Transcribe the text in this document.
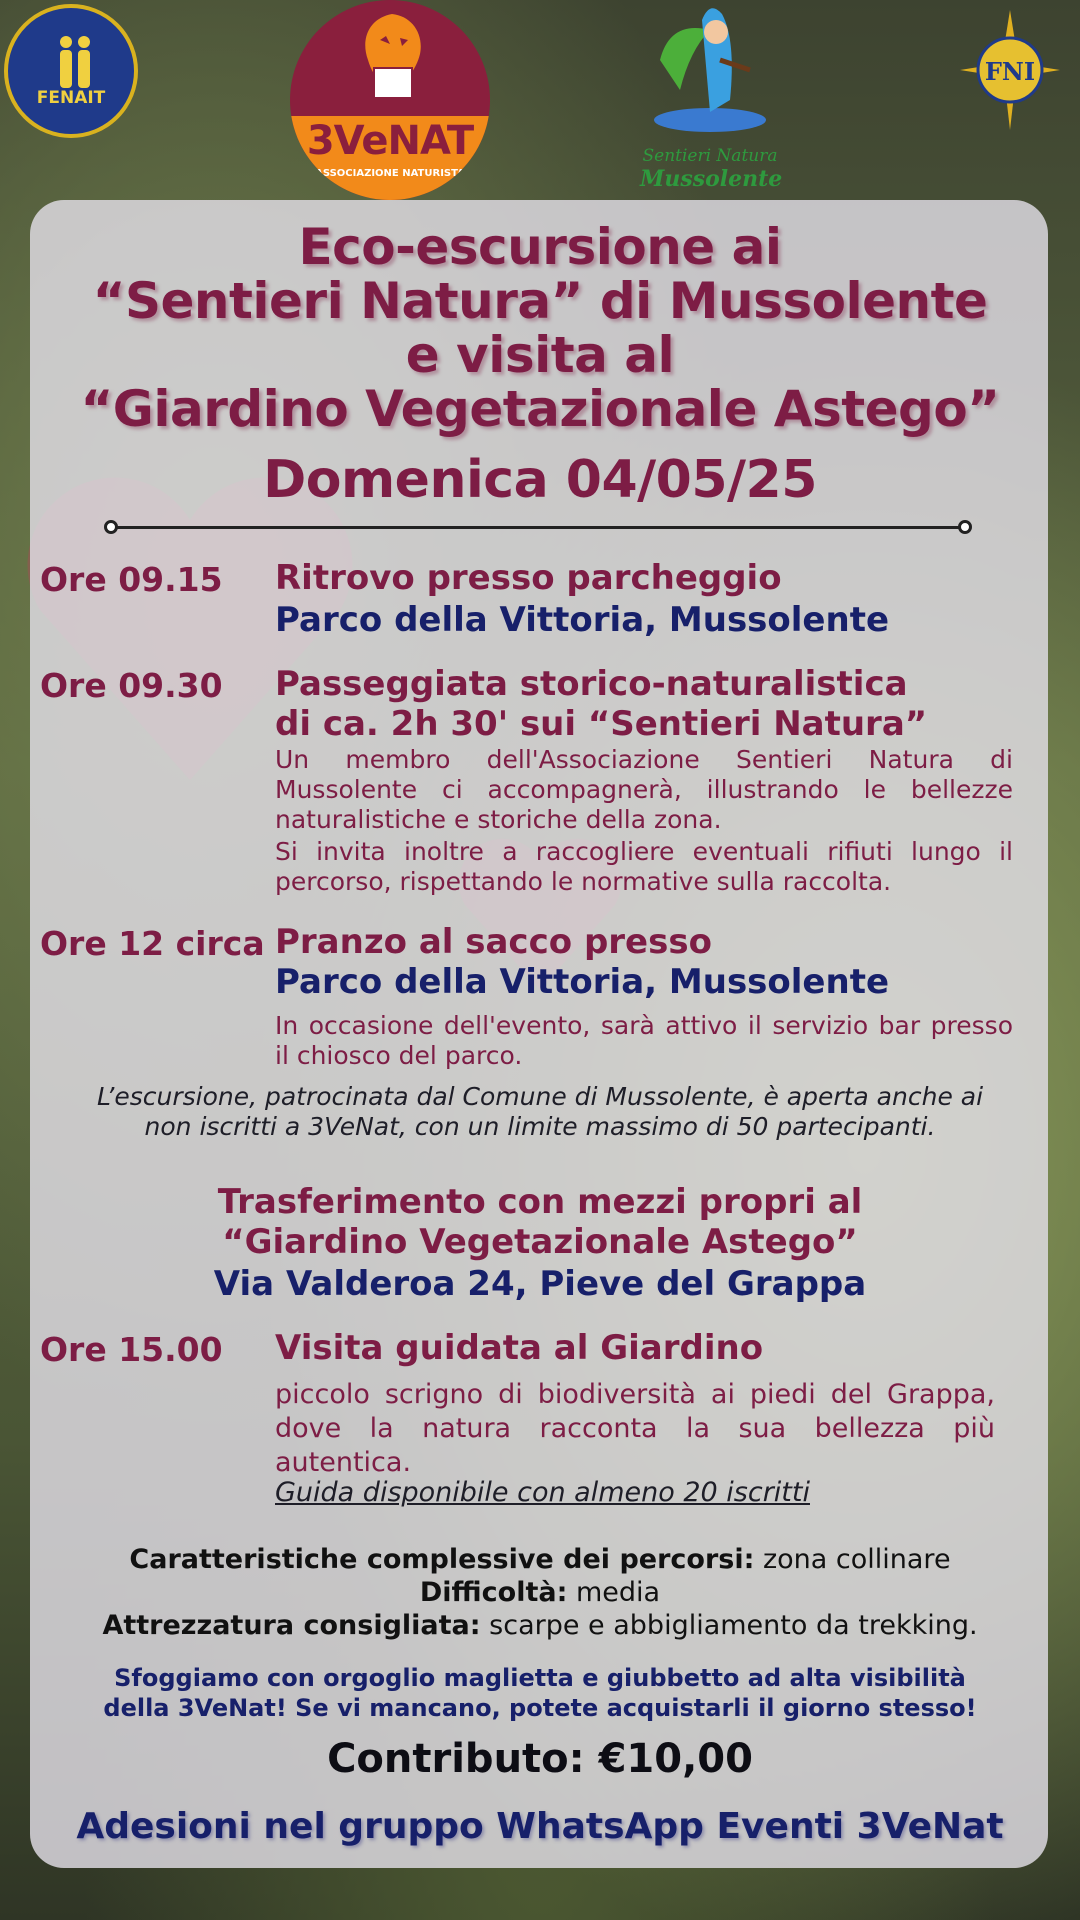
FENAIT
3VeNAT
ASSOCIAZIONE NATURISTA
Sentieri Natura
Mussolente
FNI
Eco-escursione ai
“Sentieri Natura” di Mussolente
e visita al
“Giardino Vegetazionale Astego”
Domenica 04/05/25
Ore 09.15 Ritrovo presso parcheggio
Parco della Vittoria, Mussolente
Ore 09.30 Passeggiata storico-naturalistica
di ca. 2h 30' sui “Sentieri Natura”
Un membro dell'Associazione Sentieri Natura di Mussolente ci accompagnerà, illustrando le bellezze naturalistiche e storiche della zona.
Si invita inoltre a raccogliere eventuali rifiuti lungo il percorso, rispettando le normative sulla raccolta.
Ore 12 circa Pranzo al sacco presso
Parco della Vittoria, Mussolente
In occasione dell'evento, sarà attivo il servizio bar presso il chiosco del parco.
L’escursione, patrocinata dal Comune di Mussolente, è aperta anche ai
non iscritti a 3VeNat, con un limite massimo di 50 partecipanti.
Trasferimento con mezzi propri al
“Giardino Vegetazionale Astego”
Via Valderoa 24, Pieve del Grappa
Ore 15.00 Visita guidata al Giardino
piccolo scrigno di biodiversità ai piedi del Grappa, dove la natura racconta la sua bellezza più autentica.
Guida disponibile con almeno 20 iscritti
Caratteristiche complessive dei percorsi: zona collinare
Difficoltà: media
Attrezzatura consigliata: scarpe e abbigliamento da trekking.
Sfoggiamo con orgoglio maglietta e giubbetto ad alta visibilità
della 3VeNat! Se vi mancano, potete acquistarli il giorno stesso!
Contributo: €10,00
Adesioni nel gruppo WhatsApp Eventi 3VeNat
